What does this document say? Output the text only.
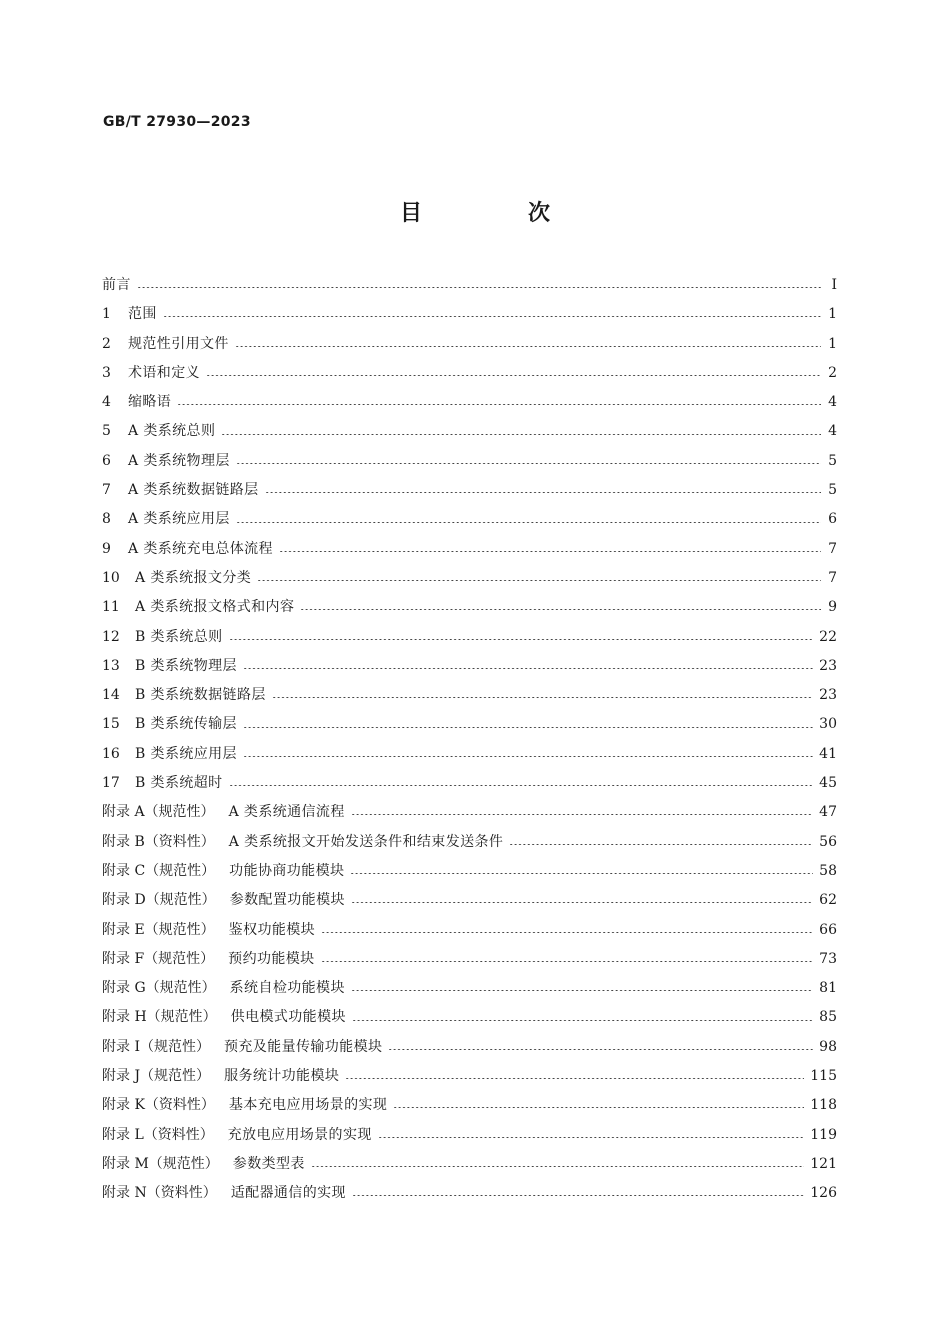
GB/T 27930—2023
目　次
前言	I
1	范围	1
2	规范性引用文件	1
3	术语和定义	2
4	缩略语	4
5	A 类系统总则	4
6	A 类系统物理层	5
7	A 类系统数据链路层	5
8	A 类系统应用层	6
9	A 类系统充电总体流程	7
10	A 类系统报文分类	7
11	A 类系统报文格式和内容	9
12	B 类系统总则	22
13	B 类系统物理层	23
14	B 类系统数据链路层	23
15	B 类系统传输层	30
16	B 类系统应用层	41
17	B 类系统超时	45
附录 A（规范性） A 类系统通信流程	47
附录 B（资料性） A 类系统报文开始发送条件和结束发送条件	56
附录 C（规范性） 功能协商功能模块	58
附录 D（规范性） 参数配置功能模块	62
附录 E（规范性） 鉴权功能模块	66
附录 F（规范性） 预约功能模块	73
附录 G（规范性） 系统自检功能模块	81
附录 H（规范性） 供电模式功能模块	85
附录 I（规范性） 预充及能量传输功能模块	98
附录 J（规范性） 服务统计功能模块	115
附录 K（资料性） 基本充电应用场景的实现	118
附录 L（资料性） 充放电应用场景的实现	119
附录 M（规范性） 参数类型表	121
附录 N（资料性） 适配器通信的实现	126
